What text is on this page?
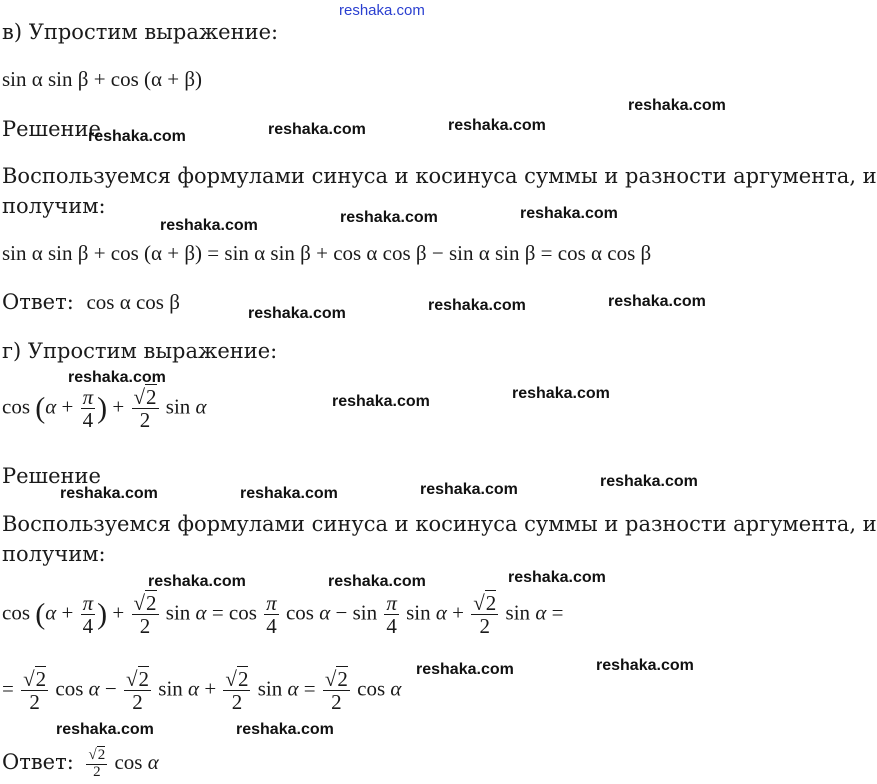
reshaka.com
в) Упростим выражение:
sin α sin β + cos (α + β)
Решение
Воспользуемся формулами синуса и косинуса суммы и разности аргумента, и
получим:
sin α sin β + cos (α + β) = sin α sin β + cos α cos β − sin α sin β = cos α cos β
Ответ: cos α cos β
г) Упростим выражение:
$\cos (\alpha + \frac{\pi}{4}$ ) + $\frac{√2}{2}$ sin α
Решение
Воспользуемся формулами синуса и косинуса суммы и разности аргумента, и
получим:
$\cos (\alpha + \frac{\pi}{4}$ ) + $\frac{√2}{2}$ $\sin \alpha = \cos \frac{\pi}{4}$ $\cos \alpha - \sin \frac{\pi}{4}$ $\sin \alpha + \frac{√2}{2}$ sin α =
= $\frac{√2}{2}$ $\cos \alpha - \frac{√2}{2}$ $\sin \alpha + \frac{√2}{2}$ $\sin \alpha = \frac{√2}{2}$ cos α
Ответ: $\frac{√2}{2}$ cos α
reshaka.com
reshaka.com	reshaka.com	reshaka.com
reshaka.com	reshaka.com	reshaka.com
reshaka.com	reshaka.com	reshaka.com
reshaka.com
reshaka.com	reshaka.com
reshaka.com	reshaka.com	reshaka.com	reshaka.com
reshaka.com	reshaka.com	reshaka.com
reshaka.com	reshaka.com
reshaka.com	reshaka.com
